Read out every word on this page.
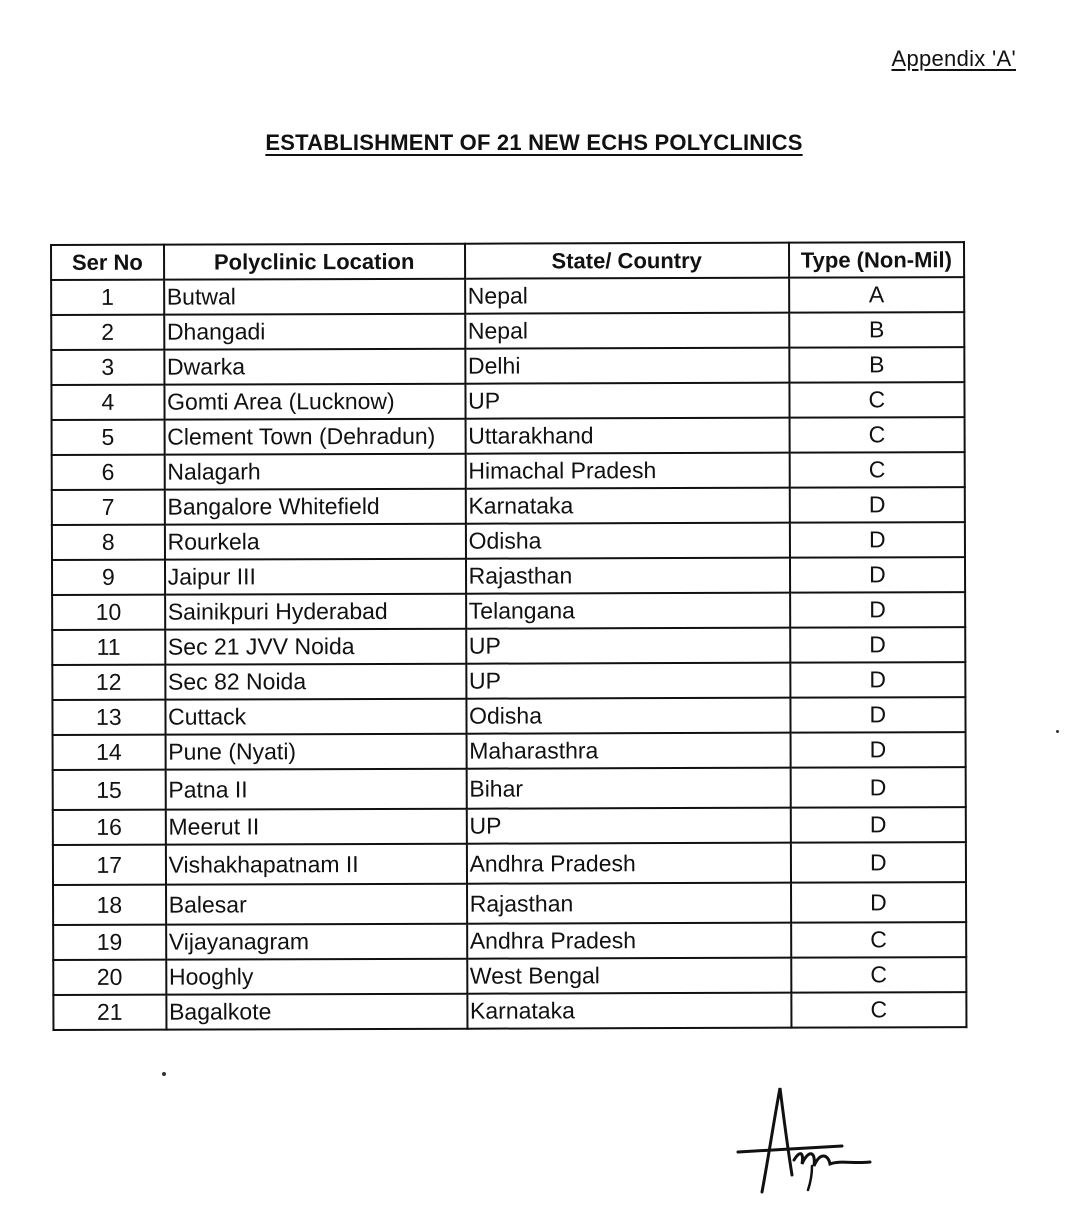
Appendix 'A'
ESTABLISHMENT OF 21 NEW ECHS POLYCLINICS
Ser No	Polyclinic Location	State/ Country	Type (Non-Mil)
1	Butwal	Nepal	A
2	Dhangadi	Nepal	B
3	Dwarka	Delhi	B
4	Gomti Area (Lucknow)	UP	C
5	Clement Town (Dehradun)	Uttarakhand	C
6	Nalagarh	Himachal Pradesh	C
7	Bangalore Whitefield	Karnataka	D
8	Rourkela	Odisha	D
9	Jaipur III	Rajasthan	D
10	Sainikpuri Hyderabad	Telangana	D
11	Sec 21 JVV Noida	UP	D
12	Sec 82 Noida	UP	D
13	Cuttack	Odisha	D
14	Pune (Nyati)	Maharasthra	D
15	Patna II	Bihar	D
16	Meerut II	UP	D
17	Vishakhapatnam II	Andhra Pradesh	D
18	Balesar	Rajasthan	D
19	Vijayanagram	Andhra Pradesh	C
20	Hooghly	West Bengal	C
21	Bagalkote	Karnataka	C
